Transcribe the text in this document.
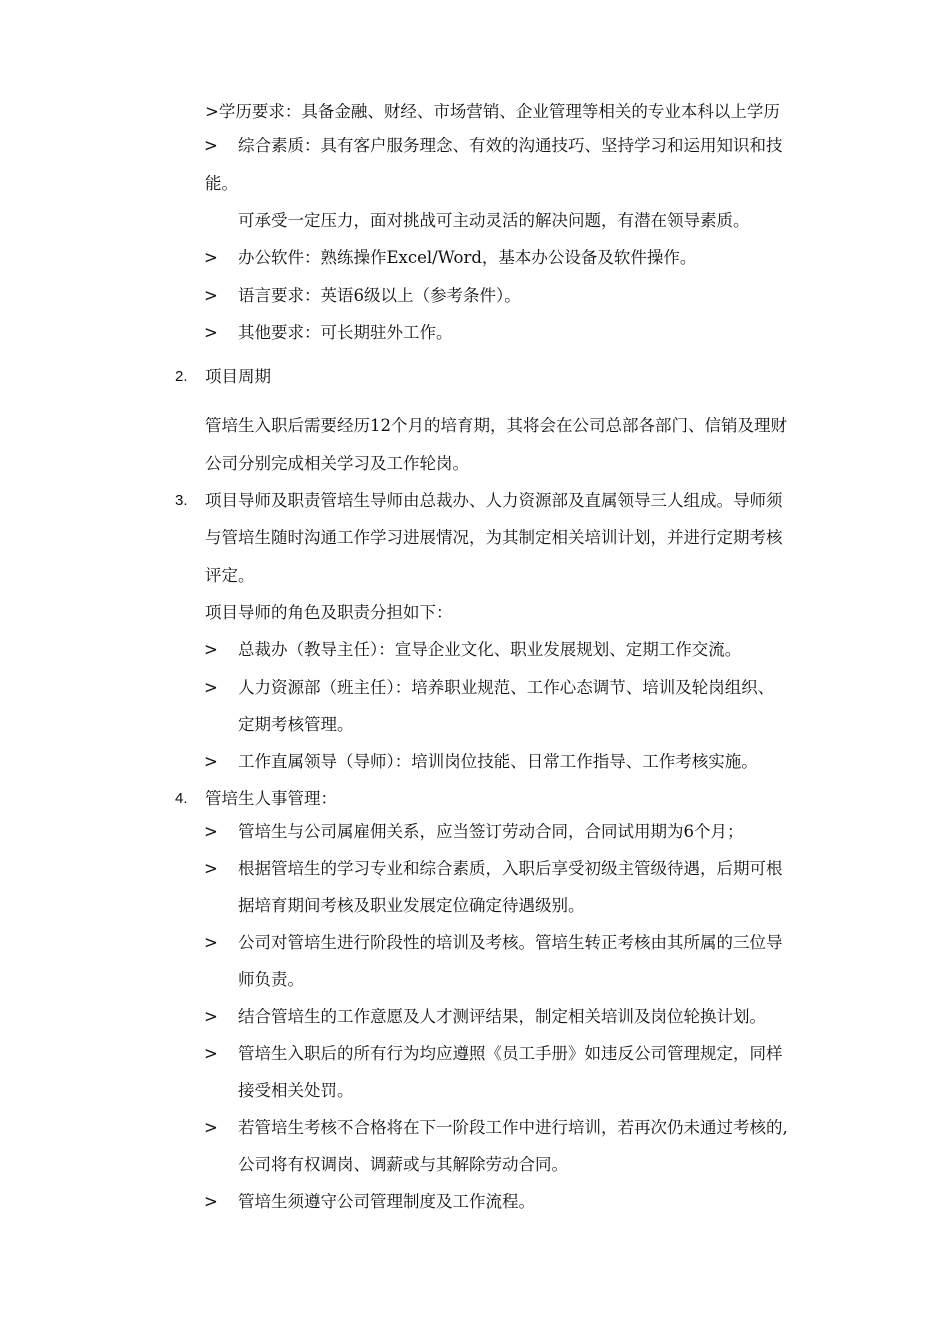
>学历要求：具备金融、财经、市场营销、企业管理等相关的专业本科以上学历
> 综合素质：具有客户服务理念、有效的沟通技巧、坚持学习和运用知识和技
能。
可承受一定压力，面对挑战可主动灵活的解决问题，有潜在领导素质。
> 办公软件：熟练操作Excel/Word，基本办公设备及软件操作。
> 语言要求：英语6级以上（参考条件）。
> 其他要求：可长期驻外工作。
2. 项目周期
管培生入职后需要经历12个月的培育期，其将会在公司总部各部门、信销及理财
公司分别完成相关学习及工作轮岗。
3. 项目导师及职责管培生导师由总裁办、人力资源部及直属领导三人组成。导师须
与管培生随时沟通工作学习进展情况，为其制定相关培训计划，并进行定期考核
评定。
项目导师的角色及职责分担如下：
> 总裁办（教导主任）：宣导企业文化、职业发展规划、定期工作交流。
> 人力资源部（班主任）：培养职业规范、工作心态调节、培训及轮岗组织、
定期考核管理。
> 工作直属领导（导师）：培训岗位技能、日常工作指导、工作考核实施。
4. 管培生人事管理：
> 管培生与公司属雇佣关系，应当签订劳动合同，合同试用期为6个月；
> 根据管培生的学习专业和综合素质，入职后享受初级主管级待遇，后期可根
据培育期间考核及职业发展定位确定待遇级别。
> 公司对管培生进行阶段性的培训及考核。管培生转正考核由其所属的三位导
师负责。
> 结合管培生的工作意愿及人才测评结果，制定相关培训及岗位轮换计划。
> 管培生入职后的所有行为均应遵照《员工手册》如违反公司管理规定，同样
接受相关处罚。
> 若管培生考核不合格将在下一阶段工作中进行培训，若再次仍未通过考核的,
公司将有权调岗、调薪或与其解除劳动合同。
> 管培生须遵守公司管理制度及工作流程。
